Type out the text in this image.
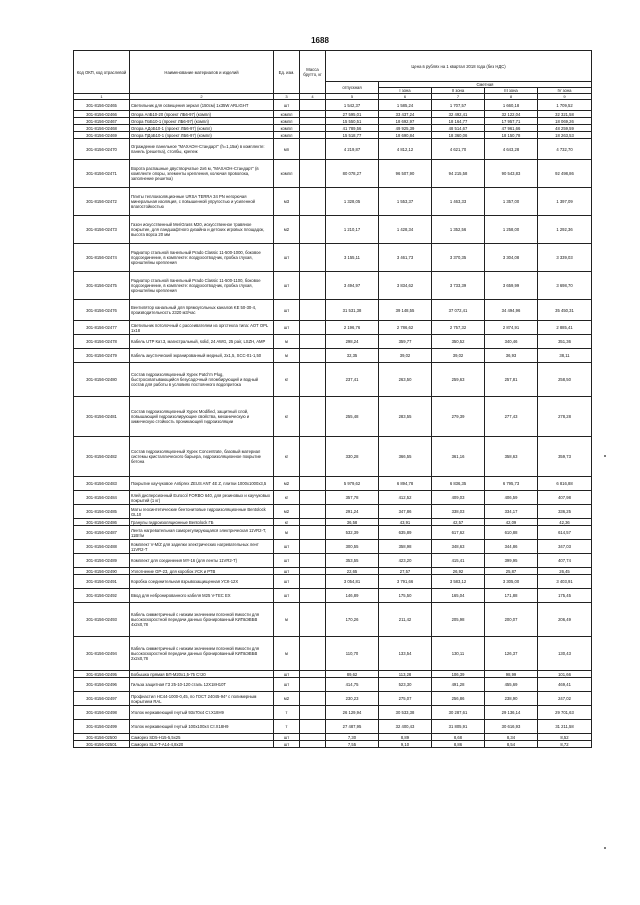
1688
Код ОКП, код отраслевой	Наименование материалов и изделий	Ед. изм.	Масса брутто, кг	Цена в рублях на 1 квартал 2018 года (без НДС)				
				отпускная	Сметная			
					I зона	II зона	III зона	IV зона
1	2	3	4	5	6	7	8	9
301-8156-02465	Светильник для освещения зеркал (150см) 1х35W ARLIGHT	шт		1 542,37	1 585,24	1 707,57	1 660,18	1 709,52
301-8156-02466	Опора АпБ10-20 (проект ЛБ6-97) (компл)	компл		27 595,01	33 437,24	32 492,41	32 122,04	32 321,58
301-8156-02467	Опора ПоБ10-1 (проект ЛБ6-97) (компл)	компл		15 550,51	18 692,97	18 164,77	17 957,71	18 069,26
301-8156-02468	Опора АДоБ10-1 (проект ЛБ6-97) (компл)	компл		41 789,56	49 925,39	48 514,67	47 961,66	48 259,59
301-8156-02469	Опора ПДоБ10-1 (проект ЛБ6-97) (компл)	компл		15 518,77	18 690,84	18 360,06	18 150,78	18 263,53
301-8156-02470	Ограждение панельное "МАХАОН-Стандарт" (h=1,15м) в комплекте: панель (решетка), столбы, крепеж	мп		4 219,87	4 812,12	4 621,70	4 643,28	4 732,70
301-8156-02471	Ворота распашные двустворчатые 2х6 м, "МАХАОН-Стандарт" (в комплекте опоры, элементы крепления, колючая проволока, заполнение решетка)	компл		80 078,27	96 507,90	94 215,58	90 543,83	92 498,86
301-8156-02472	Плиты теплоизоляционные URSA TERRA 34 PN негорючая минеральная изоляция, с повышенной упругостью и усиленной влагостойкостью	м3		1 328,05	1 553,37	1 463,33	1 357,00	1 397,09
301-8156-02473	Газон искусственный MeriGrass M20, искусственное травяное покрытие, для ландшафтного дизайна и детских игровых площадок, высота ворса 20 мм	м2		1 210,17	1 428,34	1 352,56	1 258,00	1 292,36
301-8156-02474	Радиатор стальной панельный Prado Classic 11-500-1000, боковое подсоединение, в комплекте: воздухоотводчик, пробка глухая, кронштейны крепления	шт		3 155,11	3 461,73	3 370,35	3 304,08	3 339,03
301-8156-02475	Радиатор стальной панельный Prado Classic 11-500-1100, боковое подсоединение, в комплекте: воздухоотводчик, пробка глухая, кронштейны крепления	шт		3 494,97	3 834,62	3 733,39	3 659,99	3 698,70
301-8156-02476	Вентилятор канальный для прямоугольных каналов KE 50-30-4, производительность 2320 м3/час	шт		31 531,38	39 148,55	37 072,41	34 494,96	35 450,31
301-8156-02477	Светильник потолочный с рассеивателем из оргстекла типа: AOT OPL 1х18	шт		2 196,76	2 786,62	2 757,32	2 874,91	2 885,41
301-8156-02478	Кабель UTP Кат.3, магистральный, solid, 24 AWG, 25 pair, LSZH, AMP	м		298,24	359,77	350,52	340,46	351,36
301-8156-02479	Кабель акустический экранированный медный, 2х1,5, SCC-01-1,50	м		32,35	39,02	39,02	36,93	38,11
301-8156-02480	Состав гидроизоляционный Хурех Patch'n Plug, быстросхватывающийся безусадочный пломбирующий и водный состав для работы в условиях постоянного водопритока	кг		237,41	263,50	259,63	257,81	258,50
301-8156-02481	Состав гидроизоляционный Хурех Modified, защитный слой, повышающий гидроизолирующие свойства, механическую и химическую стойкость проникающей гидроизоляции	кг		255,48	283,55	279,39	277,43	278,28
301-8156-02482	Состав гидроизоляционный Хурех Concentrate, базовый материал системы кристаллического барьера, гидроизоляционное покрытие бетона	кг		330,28	366,55	361,16	358,63	359,73
301-8156-02483	Покрытие каучуковое Antiprex ZEUS ANT 4Е Z, плитки 1000х1000х3,5	м2		5 979,62	6 894,78	6 836,35	6 795,73	6 816,88
301-8156-02484	Клей дисперсионный Eurocol FORBO 640, для резиновых и каучуковых покрытий (1 кг)	кг		357,78	412,52	409,03	406,59	407,98
301-8156-02485	Маты геосинтетические бентонитовые гидроизоляционные Bentolock GL10	м2		291,24	347,86	338,03	334,17	336,25
301-8156-02486	Гранулы гидроизоляционные Bentolock ГБ	кг		36,58	43,91	42,57	42,09	42,36
301-8156-02487	Лента нагревательная саморегулирующаяся электрическая 11VR2-T, 11Вт/м	м		532,39	635,89	617,62	610,88	614,57
301-8156-02488	Комплект V-M/Z для заделки электрических нагревательных лент 11VR2-T	шт		300,55	358,98	348,63	344,86	347,03
301-8156-02489	Комплект для соединения MY-16 (для ленты 11VR2-T)	шт		353,55	423,20	415,41	399,95	407,74
301-8156-02490	Уплотнение GP-23, для коробок УСК и РТВ	шт		22,65	27,57	26,92	25,87	26,45
301-8156-02491	Коробка соединительная взрывозащищенная УСК-12Х	шт		3 054,81	3 791,66	3 583,12	3 305,00	3 403,91
301-8156-02492	Ввод для небронированного кабеля М25 V-TEC EX	шт		146,89	175,50	165,04	171,88	175,45
301-8156-02493	Кабель симметричный с низким значением погонной ёмкости для высокоскоростной передачи данных бронированный КИПвЭВБВ 4х2х0,78	м		170,26	211,42	205,98	200,07	206,49
301-8156-02494	Кабель симметричный с низким значением погонной ёмкости для высокоскоростной передачи данных бронированный КИПвЭВБВ 2х2х0,78	м		110,70	133,54	130,11	126,37	130,43
301-8156-02495	Бобышка прямая БП-М20х1,5-75 Ст20	шт		89,62	113,28	106,39	98,99	101,66
301-8156-02496	Гильза защитная ГЗ 25-10-120 сталь 12Х18Н10Т	шт		414,75	523,30	491,28	455,69	469,41
301-8156-02497	Профнастил НС44-1000-0,45, по ГОСТ 24045-94* с полимерным покрытием RAL	м2		230,23	275,07	256,86	238,90	247,02
301-8156-02498	Уголок нержавеющий гнутый 93х70х4 Ст.Х18Н9	т		26 129,94	30 533,38	30 287,61	29 136,14	29 701,63
301-8156-02499	Уголок нержавеющий гнутый 100х100х4 Ст.Х18Н9	т		27 487,95	32 400,43	31 805,91	30 616,93	31 211,58
301-8156-02500	Саморез SD5-Н15-5,5х25	шт		7,30	8,89	8,68	8,34	8,52
301-8156-02501	Саморез SL2-T-A14-4,8х20	шт		7,55	9,10	8,86	8,54	8,72
